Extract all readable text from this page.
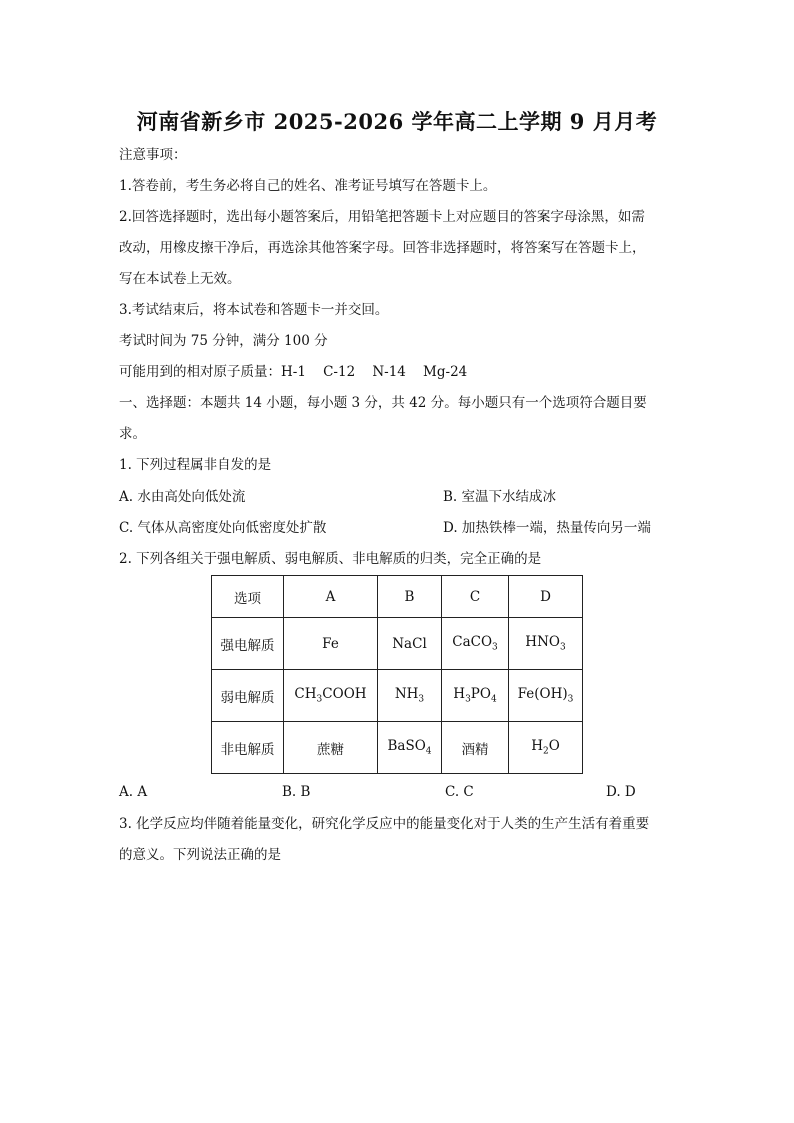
河南省新乡市 2025-2026 学年高二上学期 9 月月考
注意事项：
1.答卷前，考生务必将自己的姓名、准考证号填写在答题卡上。
2.回答选择题时，选出每小题答案后，用铅笔把答题卡上对应题目的答案字母涂黑，如需
改动，用橡皮擦干净后，再选涂其他答案字母。回答非选择题时，将答案写在答题卡上，
写在本试卷上无效。
3.考试结束后，将本试卷和答题卡一并交回。
考试时间为 75 分钟，满分 100 分
可能用到的相对原子质量：H-1    C-12    N-14    Mg-24
一、选择题：本题共 14 小题，每小题 3 分，共 42 分。每小题只有一个选项符合题目要
求。
1. 下列过程属非自发的是
A. 水由高处向低处流	B. 室温下水结成冰
C. 气体从高密度处向低密度处扩散	D. 加热铁棒一端，热量传向另一端
2. 下列各组关于强电解质、弱电解质、非电解质的归类，完全正确的是
选项	A	B	C	D
强电解质	Fe	NaCl	CaCO$_3$	$HNO_3$
弱电解质	$CH_3COOH$	$NH_3$	$H_3PO_4$	$Fe(OH)_3$
非电解质	蔗糖	BaSO$_4$	酒精	$H_2O$
A. A	B. B	C. C	D. D
3. 化学反应均伴随着能量变化，研究化学反应中的能量变化对于人类的生产生活有着重要
的意义。下列说法正确的是
